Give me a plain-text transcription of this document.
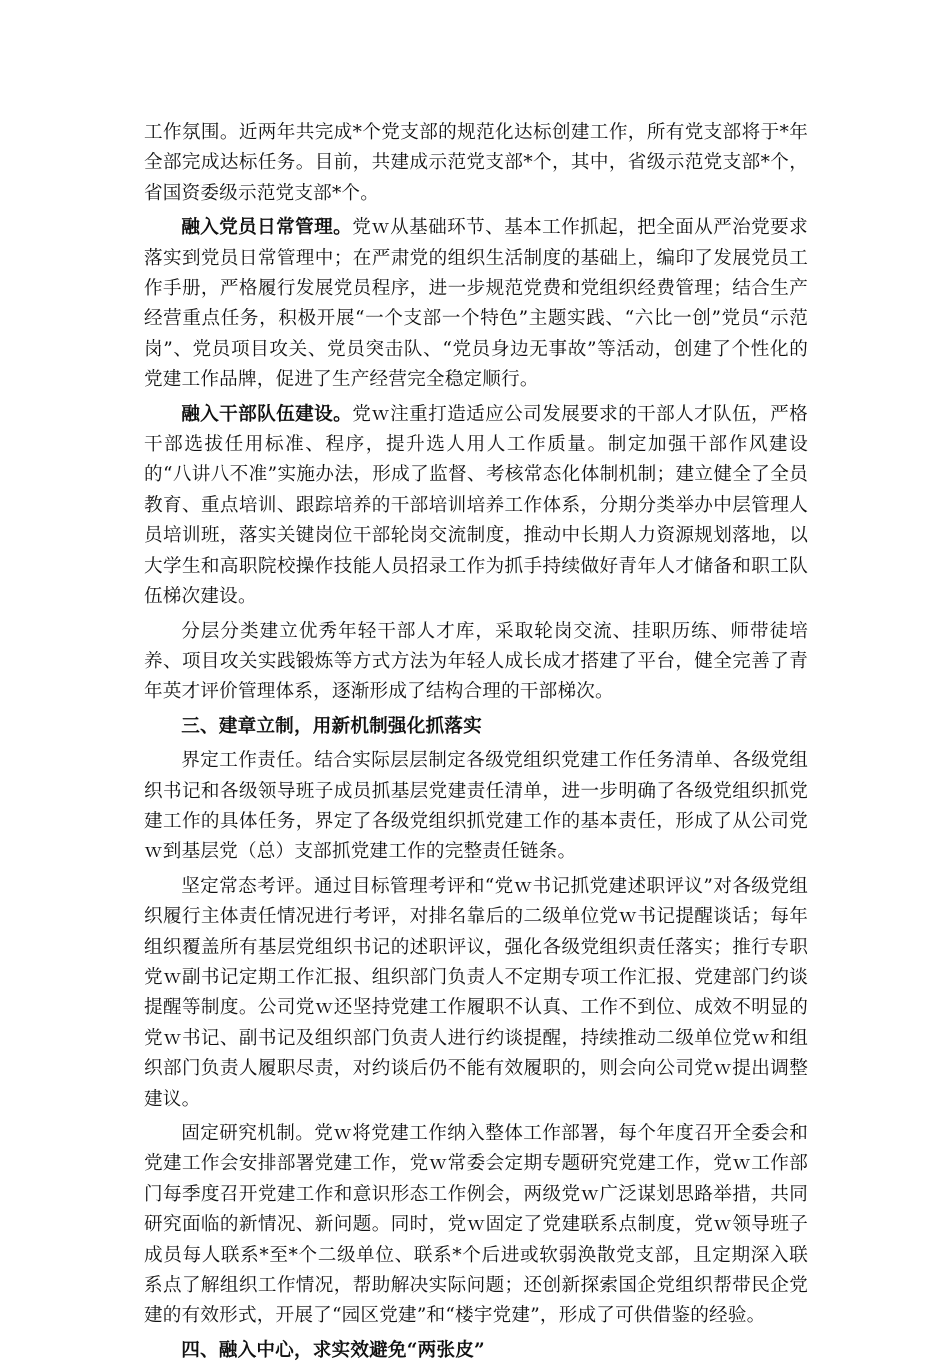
工作氛围。近两年共完成*个党支部的规范化达标创建工作，所有党支部将于*年全部完成达标任务。目前，共建成示范党支部*个，其中，省级示范党支部*个，省国资委级示范党支部*个。

融入党员日常管理。党ｗ从基础环节、基本工作抓起，把全面从严治党要求落实到党员日常管理中；在严肃党的组织生活制度的基础上，编印了发展党员工作手册，严格履行发展党员程序，进一步规范党费和党组织经费管理；结合生产经营重点任务，积极开展“一个支部一个特色”主题实践、“六比一创”党员“示范岗”、党员项目攻关、党员突击队、“党员身边无事故”等活动，创建了个性化的党建工作品牌，促进了生产经营完全稳定顺行。

融入干部队伍建设。党ｗ注重打造适应公司发展要求的干部人才队伍，严格干部选拔任用标准、程序，提升选人用人工作质量。制定加强干部作风建设的“八讲八不准”实施办法，形成了监督、考核常态化体制机制；建立健全了全员教育、重点培训、跟踪培养的干部培训培养工作体系，分期分类举办中层管理人员培训班，落实关键岗位干部轮岗交流制度，推动中长期人力资源规划落地，以大学生和高职院校操作技能人员招录工作为抓手持续做好青年人才储备和职工队伍梯次建设。

分层分类建立优秀年轻干部人才库，采取轮岗交流、挂职历练、师带徒培养、项目攻关实践锻炼等方式方法为年轻人成长成才搭建了平台，健全完善了青年英才评价管理体系，逐渐形成了结构合理的干部梯次。

三、建章立制，用新机制强化抓落实

界定工作责任。结合实际层层制定各级党组织党建工作任务清单、各级党组织书记和各级领导班子成员抓基层党建责任清单，进一步明确了各级党组织抓党建工作的具体任务，界定了各级党组织抓党建工作的基本责任，形成了从公司党ｗ到基层党（总）支部抓党建工作的完整责任链条。

坚定常态考评。通过目标管理考评和“党ｗ书记抓党建述职评议”对各级党组织履行主体责任情况进行考评，对排名靠后的二级单位党ｗ书记提醒谈话；每年组织覆盖所有基层党组织书记的述职评议，强化各级党组织责任落实；推行专职党ｗ副书记定期工作汇报、组织部门负责人不定期专项工作汇报、党建部门约谈提醒等制度。公司党ｗ还坚持党建工作履职不认真、工作不到位、成效不明显的党ｗ书记、副书记及组织部门负责人进行约谈提醒，持续推动二级单位党ｗ和组织部门负责人履职尽责，对约谈后仍不能有效履职的，则会向公司党ｗ提出调整建议。

固定研究机制。党ｗ将党建工作纳入整体工作部署，每个年度召开全委会和党建工作会安排部署党建工作，党ｗ常委会定期专题研究党建工作，党ｗ工作部门每季度召开党建工作和意识形态工作例会，两级党ｗ广泛谋划思路举措，共同研究面临的新情况、新问题。同时，党ｗ固定了党建联系点制度，党ｗ领导班子成员每人联系*至*个二级单位、联系*个后进或软弱涣散党支部，且定期深入联系点了解组织工作情况，帮助解决实际问题；还创新探索国企党组织帮带民企党建的有效形式，开展了“园区党建”和“楼宇党建”，形成了可供借鉴的经验。

四、融入中心，求实效避免“两张皮”
